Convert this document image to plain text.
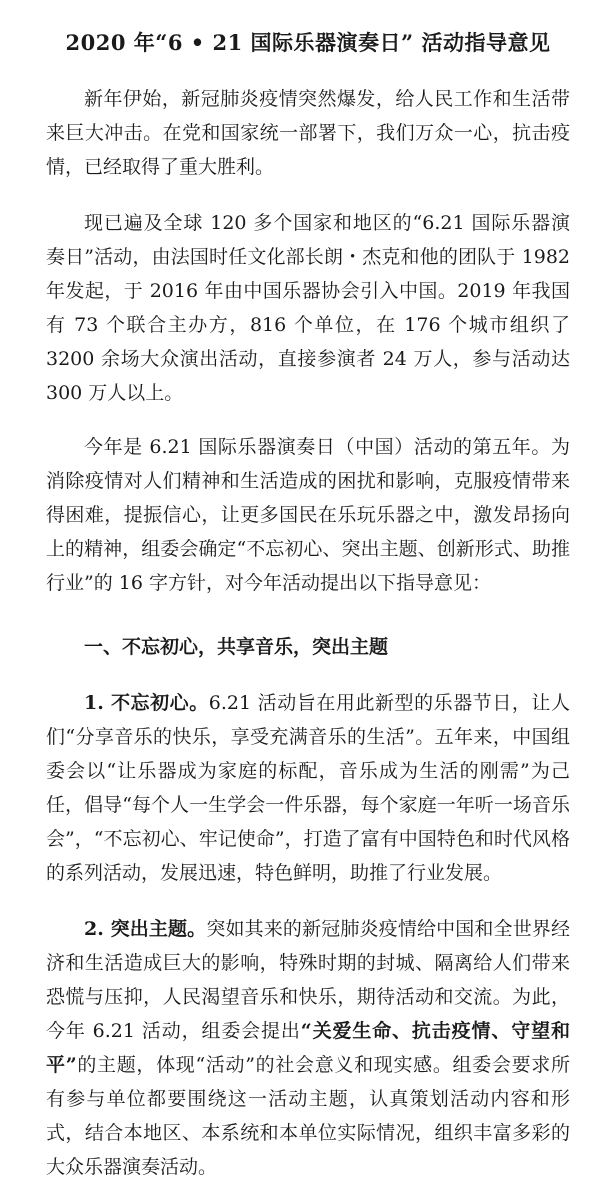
2020 年“6 • 21 国际乐器演奏日” 活动指导意见

新年伊始，新冠肺炎疫情突然爆发，给人民工作和生活带来巨大冲击。在党和国家统一部署下，我们万众一心，抗击疫情，已经取得了重大胜利。

现已遍及全球 120 多个国家和地区的“6.21 国际乐器演奏日”活动，由法国时任文化部长朗・杰克和他的团队于 1982 年发起，于 2016 年由中国乐器协会引入中国。2019 年我国有 73 个联合主办方，816 个单位，在 176 个城市组织了 3200 余场大众演出活动，直接参演者 24 万人，参与活动达 300 万人以上。

今年是 6.21 国际乐器演奏日（中国）活动的第五年。为消除疫情对人们精神和生活造成的困扰和影响，克服疫情带来得困难，提振信心，让更多国民在乐玩乐器之中，激发昂扬向上的精神，组委会确定“不忘初心、突出主题、创新形式、助推行业”的 16 字方针，对今年活动提出以下指导意见：

一、不忘初心，共享音乐，突出主题

1. 不忘初心。6.21 活动旨在用此新型的乐器节日，让人们“分享音乐的快乐，享受充满音乐的生活”。五年来，中国组委会以“让乐器成为家庭的标配，音乐成为生活的刚需”为己任，倡导“每个人一生学会一件乐器，每个家庭一年听一场音乐会”，“不忘初心、牢记使命”，打造了富有中国特色和时代风格的系列活动，发展迅速，特色鲜明，助推了行业发展。

2. 突出主题。突如其来的新冠肺炎疫情给中国和全世界经济和生活造成巨大的影响，特殊时期的封城、隔离给人们带来恐慌与压抑，人民渴望音乐和快乐，期待活动和交流。为此，今年 6.21 活动，组委会提出“关爱生命、抗击疫情、守望和平”的主题，体现“活动”的社会意义和现实感。组委会要求所有参与单位都要围绕这一活动主题，认真策划活动内容和形式，结合本地区、本系统和本单位实际情况，组织丰富多彩的大众乐器演奏活动。
